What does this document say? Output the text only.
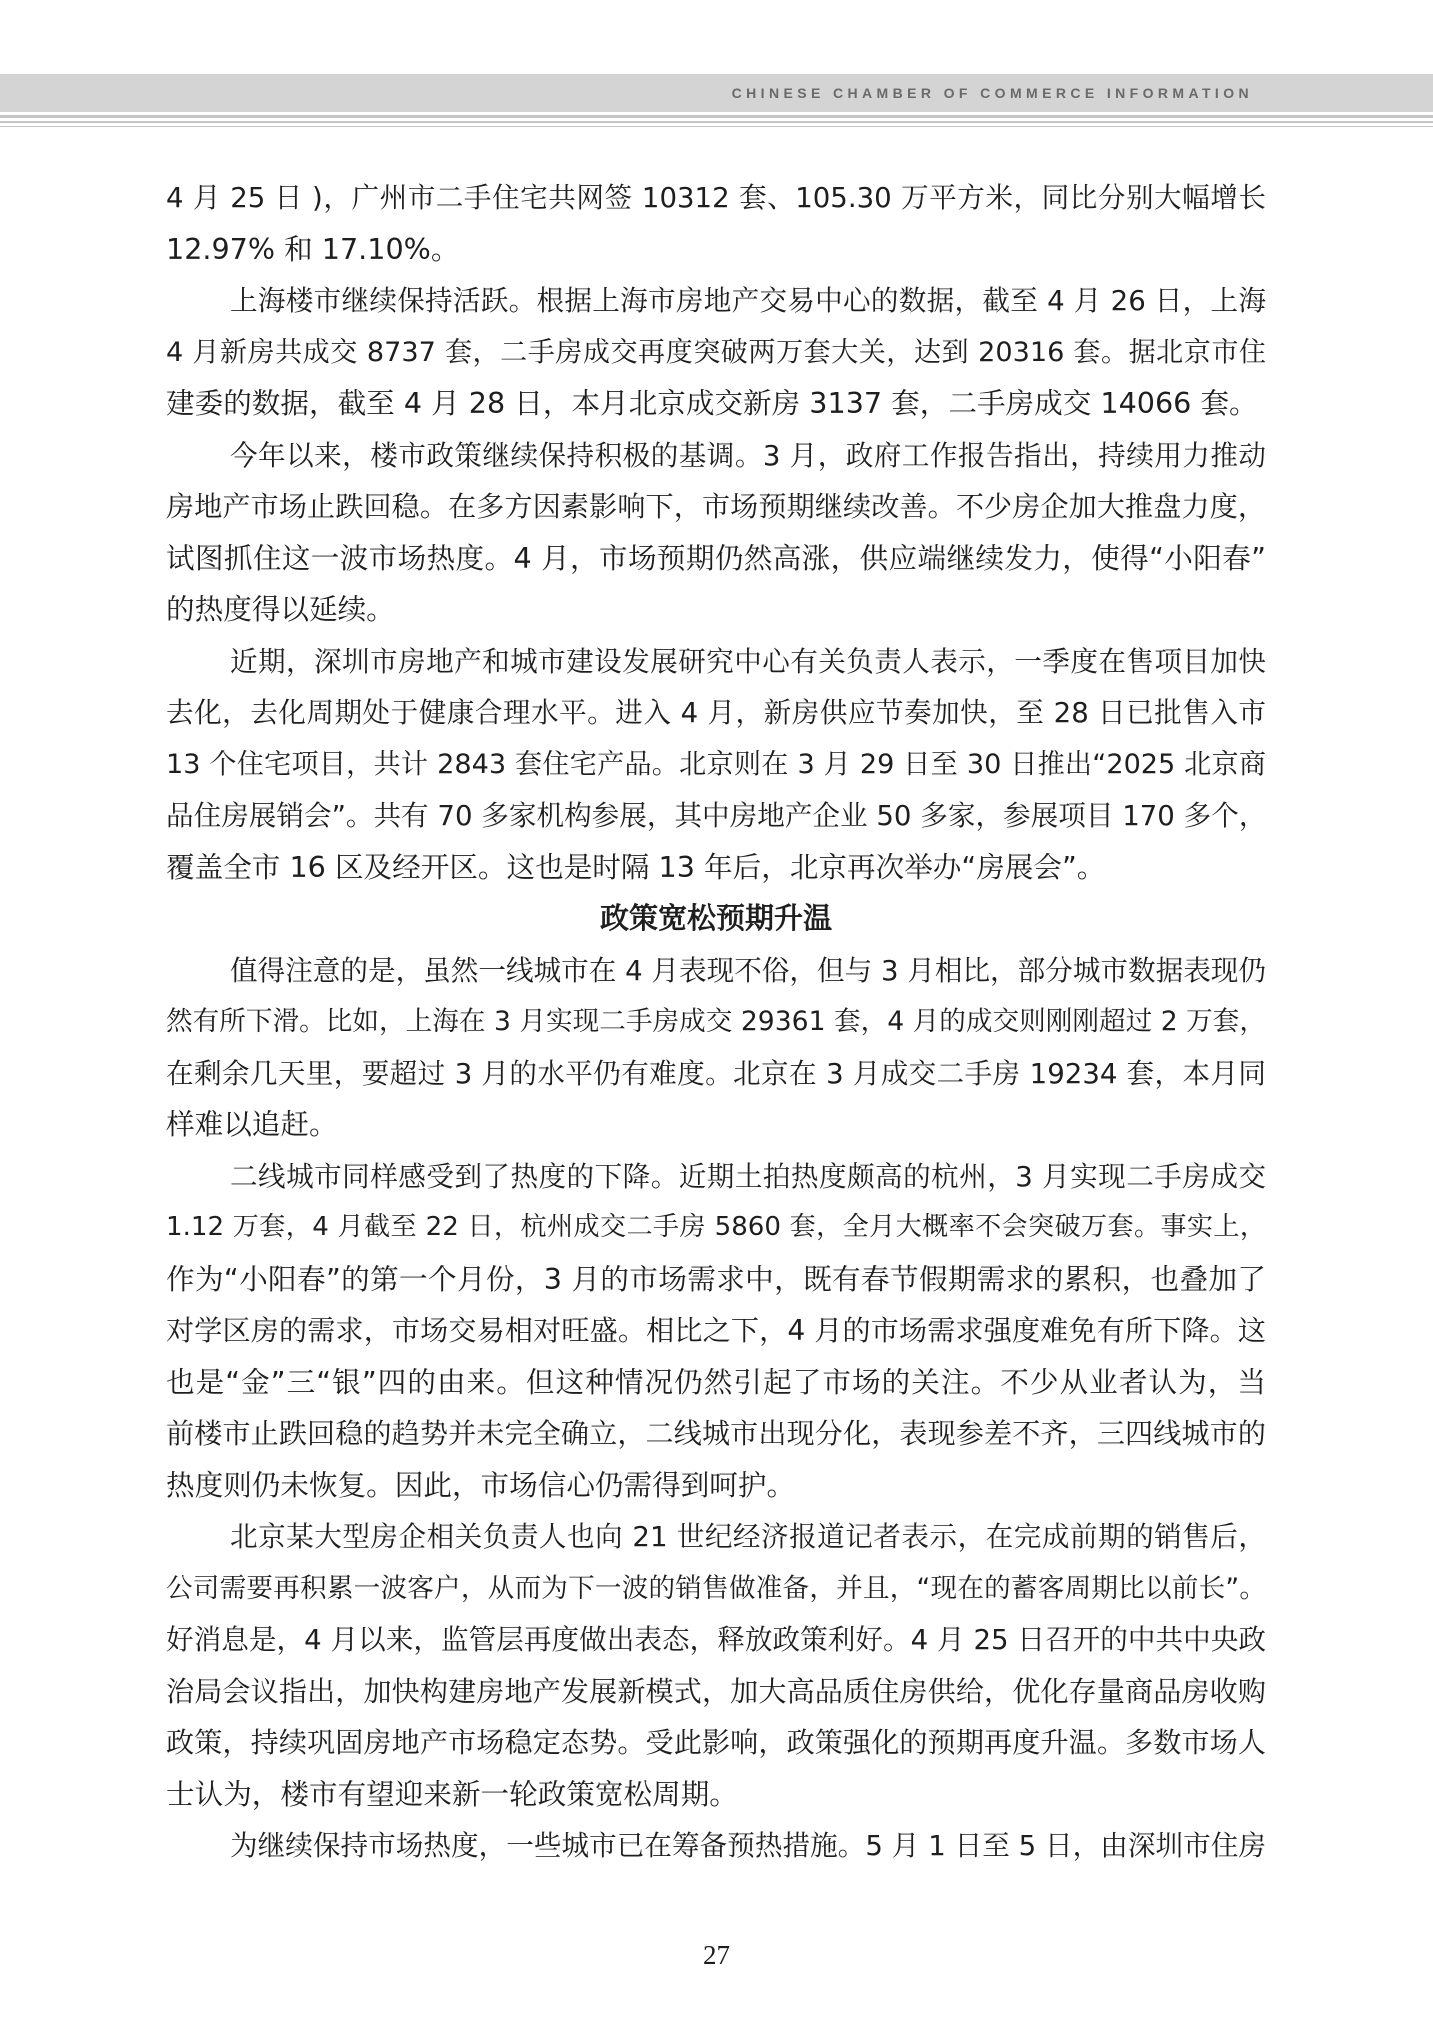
CHINESE CHAMBER OF COMMERCE INFORMATION
4 月 25 日 )，广州市二手住宅共网签 10312 套、105.30 万平方米，同比分别大幅增长
12.97% 和 17.10%。
上海楼市继续保持活跃。根据上海市房地产交易中心的数据，截至 4 月 26 日，上海
4 月新房共成交 8737 套，二手房成交再度突破两万套大关，达到 20316 套。据北京市住
建委的数据，截至 4 月 28 日，本月北京成交新房 3137 套，二手房成交 14066 套。
今年以来，楼市政策继续保持积极的基调。3 月，政府工作报告指出，持续用力推动
房地产市场止跌回稳。在多方因素影响下，市场预期继续改善。不少房企加大推盘力度，
试图抓住这一波市场热度。4 月，市场预期仍然高涨，供应端继续发力，使得“小阳春”
的热度得以延续。
近期，深圳市房地产和城市建设发展研究中心有关负责人表示，一季度在售项目加快
去化，去化周期处于健康合理水平。进入 4 月，新房供应节奏加快，至 28 日已批售入市
13 个住宅项目，共计 2843 套住宅产品。北京则在 3 月 29 日至 30 日推出“2025 北京商
品住房展销会”。共有 70 多家机构参展，其中房地产企业 50 多家，参展项目 170 多个，
覆盖全市 16 区及经开区。这也是时隔 13 年后，北京再次举办“房展会”。
政策宽松预期升温
值得注意的是，虽然一线城市在 4 月表现不俗，但与 3 月相比，部分城市数据表现仍
然有所下滑。比如，上海在 3 月实现二手房成交 29361 套，4 月的成交则刚刚超过 2 万套，
在剩余几天里，要超过 3 月的水平仍有难度。北京在 3 月成交二手房 19234 套，本月同
样难以追赶。
二线城市同样感受到了热度的下降。近期土拍热度颇高的杭州，3 月实现二手房成交
1.12 万套，4 月截至 22 日，杭州成交二手房 5860 套，全月大概率不会突破万套。事实上，
作为“小阳春”的第一个月份，3 月的市场需求中，既有春节假期需求的累积，也叠加了
对学区房的需求，市场交易相对旺盛。相比之下，4 月的市场需求强度难免有所下降。这
也是“金”三“银”四的由来。但这种情况仍然引起了市场的关注。不少从业者认为，当
前楼市止跌回稳的趋势并未完全确立，二线城市出现分化，表现参差不齐，三四线城市的
热度则仍未恢复。因此，市场信心仍需得到呵护。
北京某大型房企相关负责人也向 21 世纪经济报道记者表示，在完成前期的销售后，
公司需要再积累一波客户，从而为下一波的销售做准备，并且，“现在的蓄客周期比以前长”。
好消息是，4 月以来，监管层再度做出表态，释放政策利好。4 月 25 日召开的中共中央政
治局会议指出，加快构建房地产发展新模式，加大高品质住房供给，优化存量商品房收购
政策，持续巩固房地产市场稳定态势。受此影响，政策强化的预期再度升温。多数市场人
士认为，楼市有望迎来新一轮政策宽松周期。
为继续保持市场热度，一些城市已在筹备预热措施。5 月 1 日至 5 日，由深圳市住房
27
